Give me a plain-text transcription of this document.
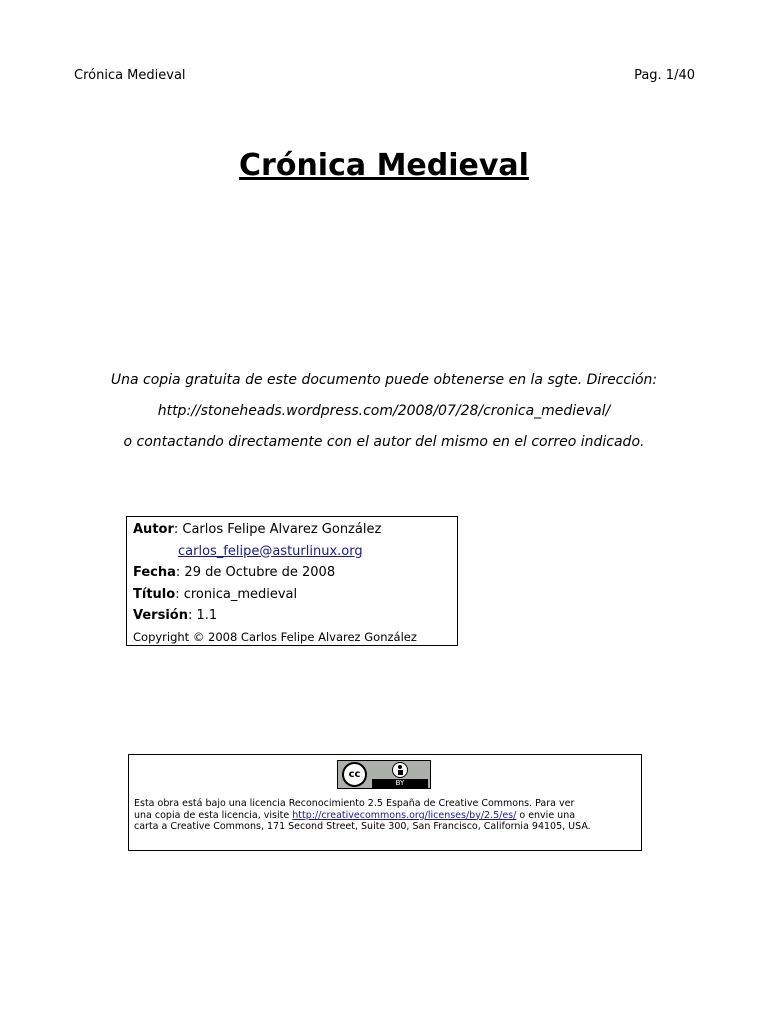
Crónica Medieval	Pag. 1/40
Crónica Medieval
Una copia gratuita de este documento puede obtenerse en la sgte. Dirección:
http://stoneheads.wordpress.com/2008/07/28/cronica_medieval/
o contactando directamente con el autor del mismo en el correo indicado.
Autor: Carlos Felipe Alvarez González
carlos_felipe@asturlinux.org
Fecha: 29 de Octubre de 2008
Título: cronica_medieval
Versión: 1.1
Copyright © 2008 Carlos Felipe Alvarez González
cc
BY
Esta obra está bajo una licencia Reconocimiento 2.5 España de Creative Commons. Para ver
una copia de esta licencia, visite http://creativecommons.org/licenses/by/2.5/es/ o envie una
carta a Creative Commons, 171 Second Street, Suite 300, San Francisco, California 94105, USA.
